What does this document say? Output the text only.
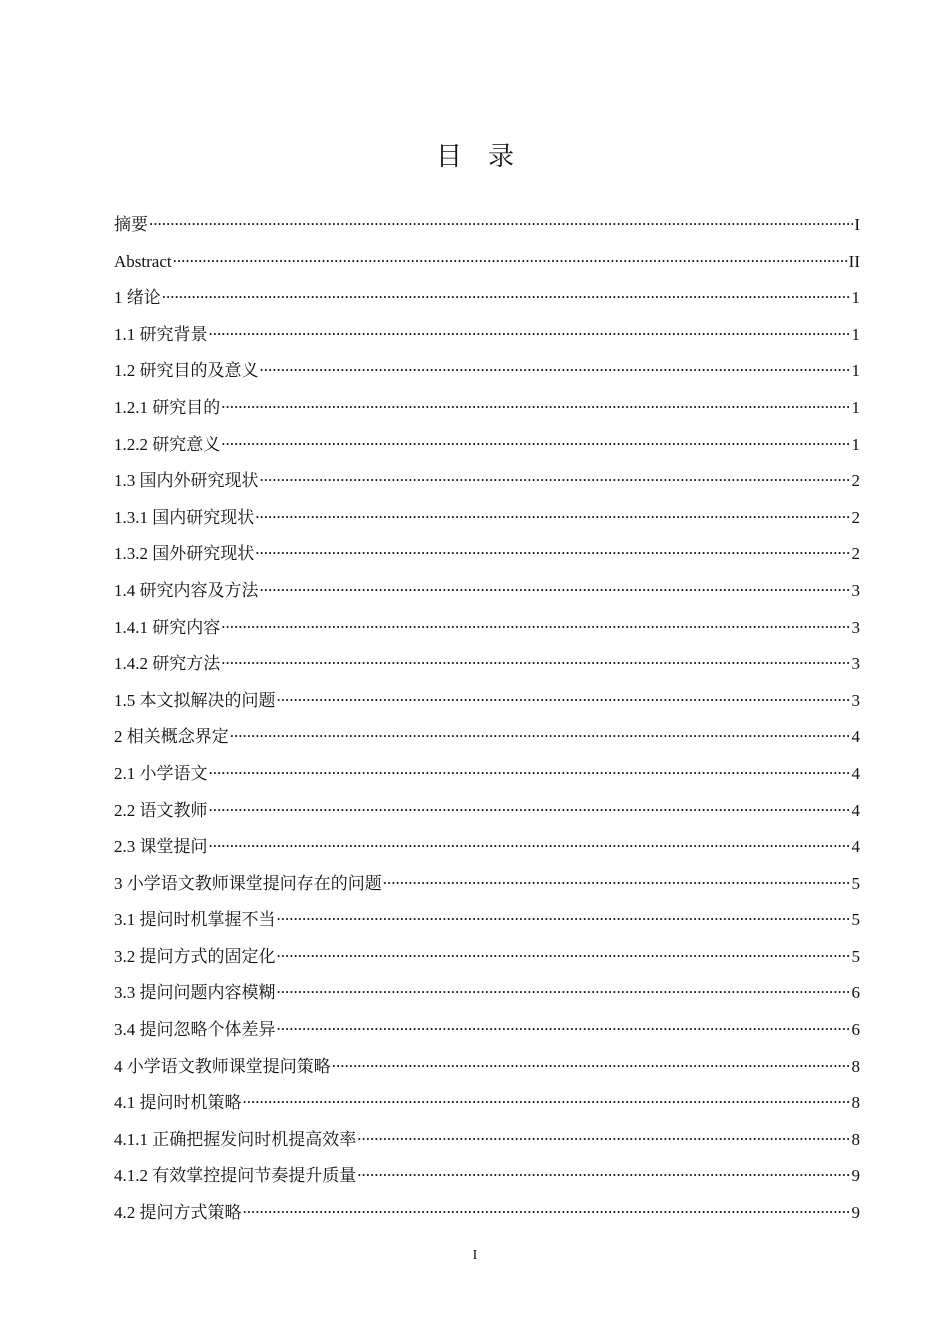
目录
摘要 .....	I
Abstract .....	II
1 绪论 .....	1
1.1 研究背景 .....	1
1.2 研究目的及意义 .....	1
1.2.1 研究目的 .....	1
1.2.2 研究意义 .....	1
1.3 国内外研究现状 .....	2
1.3.1 国内研究现状 .....	2
1.3.2 国外研究现状 .....	2
1.4 研究内容及方法 .....	3
1.4.1 研究内容 .....	3
1.4.2 研究方法 .....	3
1.5 本文拟解决的问题 .....	3
2 相关概念界定 .....	4
2.1 小学语文 .....	4
2.2 语文教师 .....	4
2.3 课堂提问 .....	4
3 小学语文教师课堂提问存在的问题 .....	5
3.1 提问时机掌握不当 .....	5
3.2 提问方式的固定化 .....	5
3.3 提问问题内容模糊 .....	6
3.4 提问忽略个体差异 .....	6
4 小学语文教师课堂提问策略 .....	8
4.1 提问时机策略 .....	8
4.1.1 正确把握发问时机提高效率 .....	8
4.1.2 有效掌控提问节奏提升质量 .....	9
4.2 提问方式策略 .....	9
I
